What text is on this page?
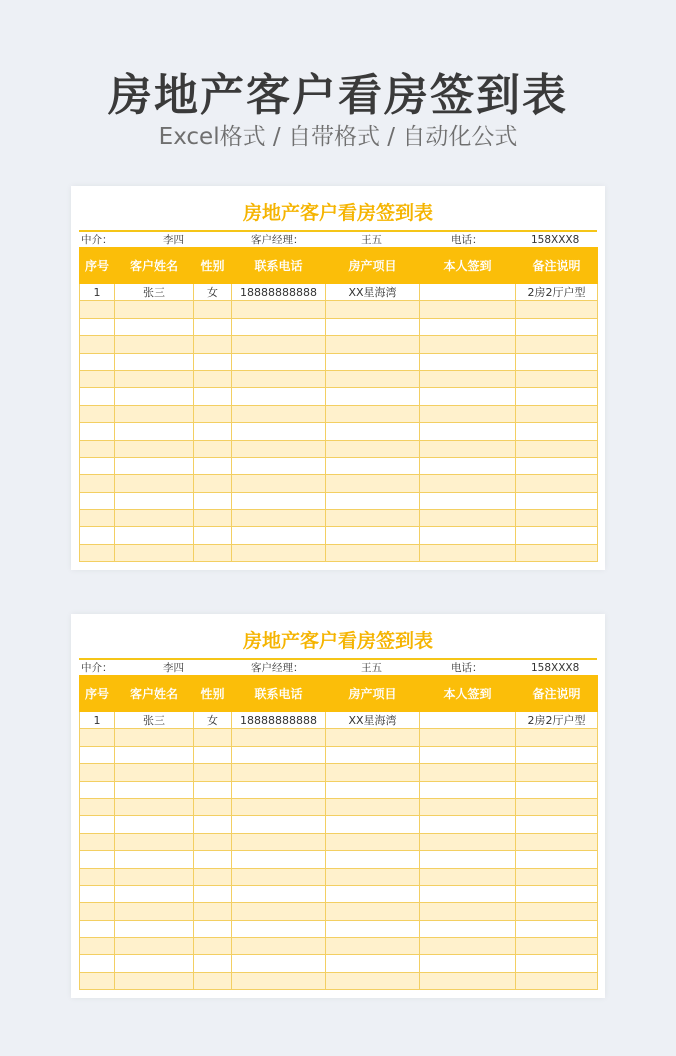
房地产客户看房签到表
Excel格式 / 自带格式 / 自动化公式
房地产客户看房签到表
中介：	李四	客户经理：	王五	电话：	158XXX8
序号	客户姓名	性别	联系电话	房产项目	本人签到	备注说明
1	张三	女	18888888888	XX星海湾		2房2厅户型

房地产客户看房签到表
中介：	李四	客户经理：	王五	电话：	158XXX8
序号	客户姓名	性别	联系电话	房产项目	本人签到	备注说明
1	张三	女	18888888888	XX星海湾		2房2厅户型
